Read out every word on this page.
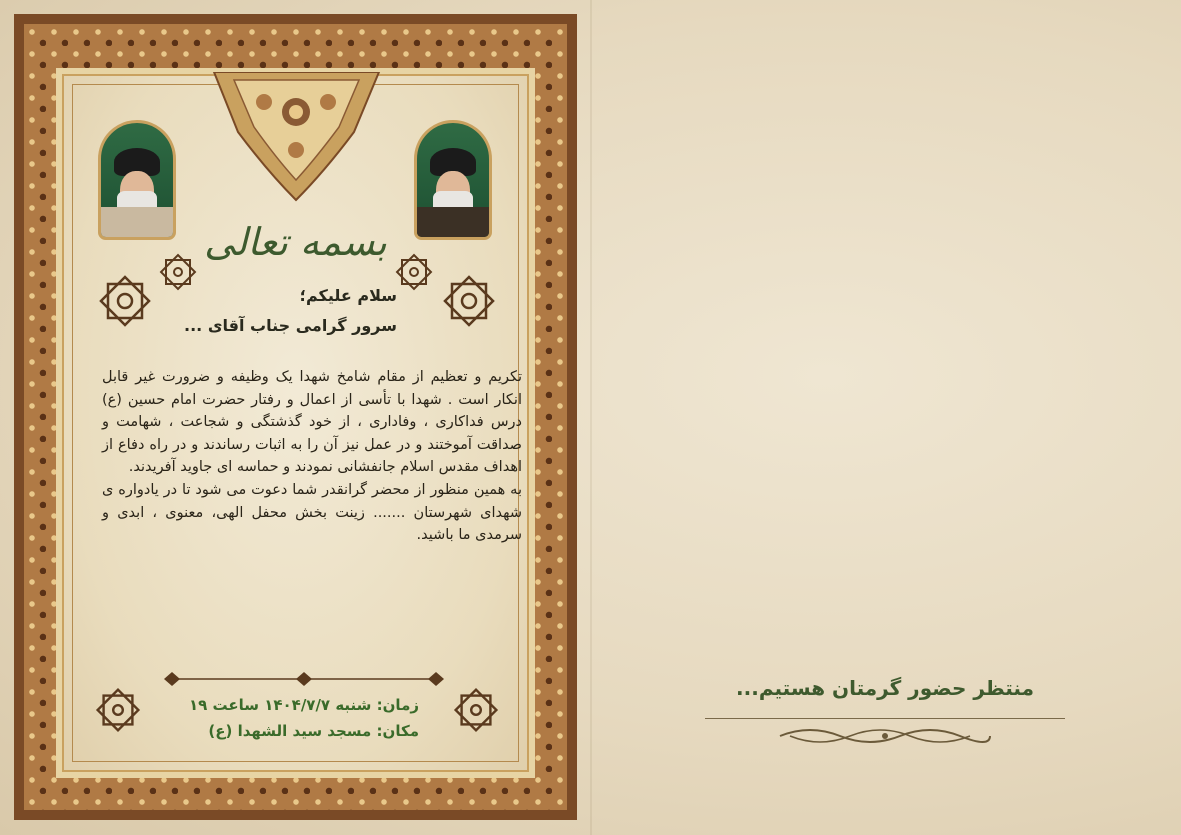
بسمه تعالی
سلام علیکم؛
سرور گرامی جناب آقای ...

تکریم و تعظیم از مقام شامخ شهدا یک وظیفه و ضرورت غیر قابل انکار است . شهدا با تأسی از اعمال و رفتار حضرت امام حسین (ع) درس فداکاری ، وفاداری ، از خود گذشتگی و شجاعت ، شهامت و صداقت آموختند و در عمل نیز آن را به اثبات رساندند و در راه دفاع از اهداف مقدس اسلام جانفشانی نمودند و حماسه ای جاوید آفریدند.

به همین منظور از محضر گرانقدر شما دعوت می شود تا در یادواره ی شهدای شهرستان ....... زینت بخش محفل الهی، معنوی ، ابدی و سرمدی ما باشید.

زمان: شنبه ۱۴۰۴/۷/۷ ساعت ۱۹
مکان: مسجد سید الشهدا (ع)
منتظر حضور گرمتان هستیم...
